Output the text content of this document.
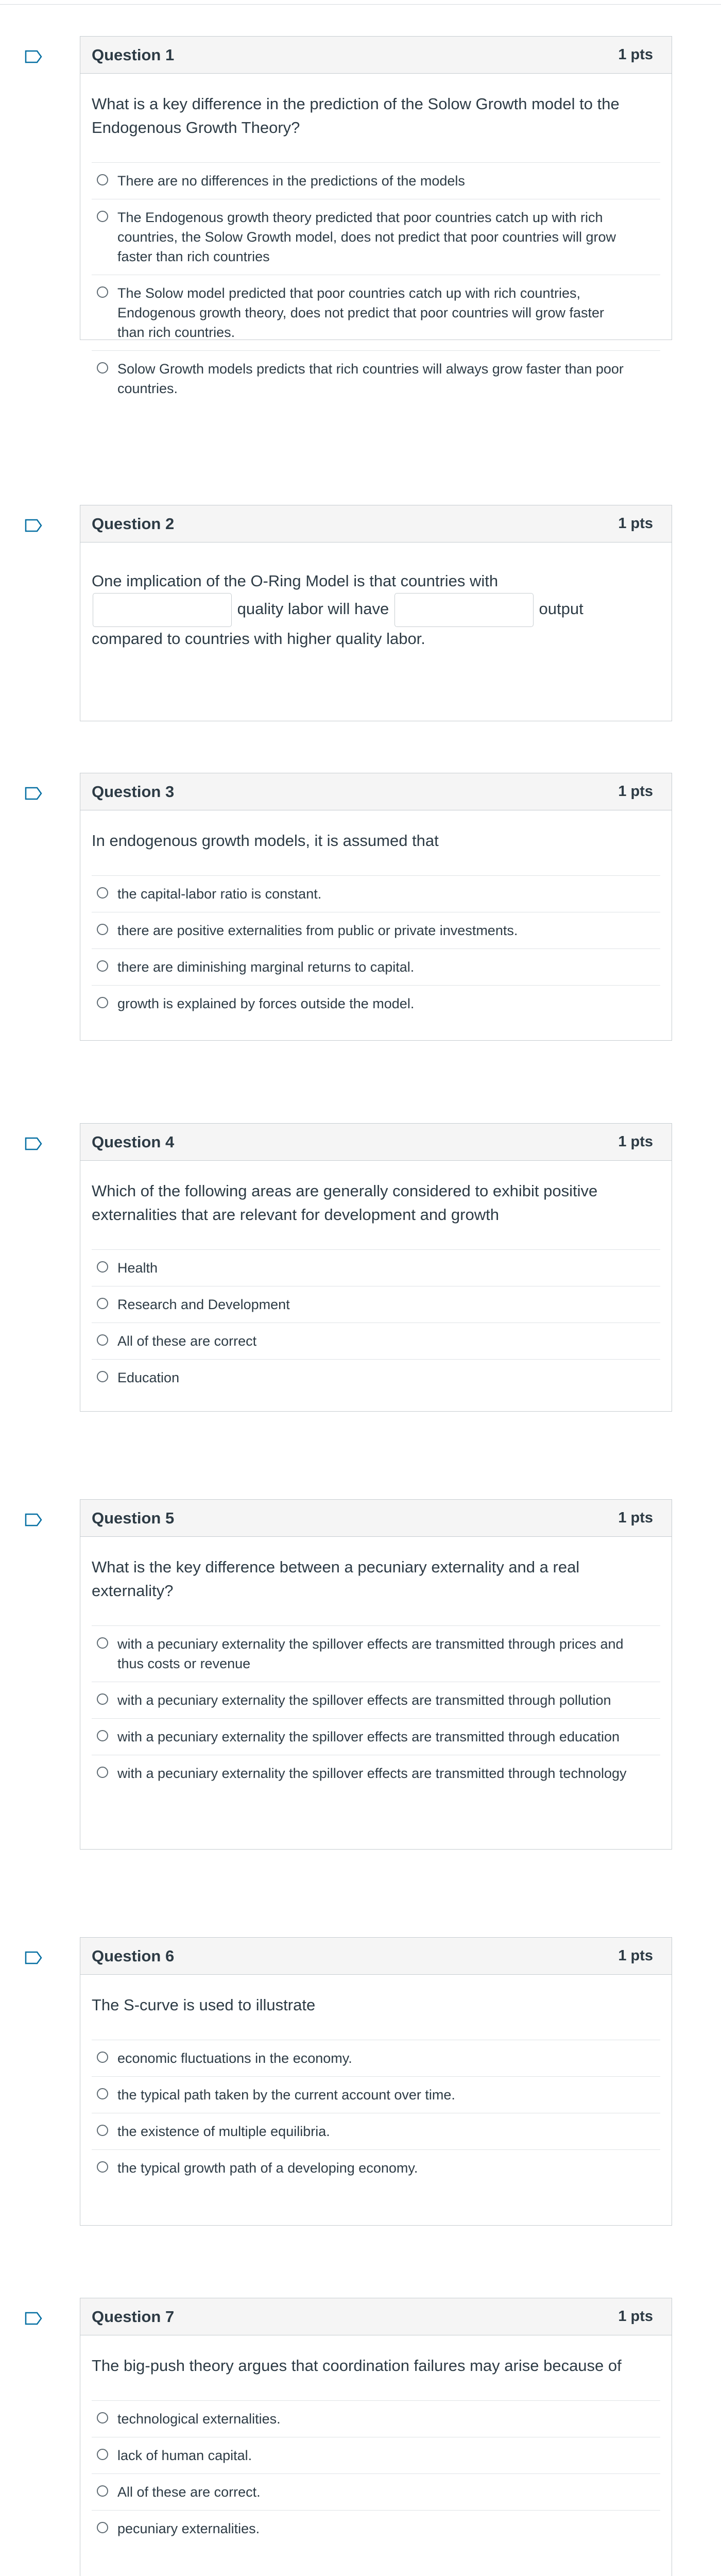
Question 1	1 pts

What is a key difference in the prediction of the Solow Growth model to the Endogenous Growth Theory?

There are no differences in the predictions of the models
The Endogenous growth theory predicted that poor countries catch up with rich countries, the Solow Growth model, does not predict that poor countries will grow faster than rich countries
The Solow model predicted that poor countries catch up with rich countries, Endogenous growth theory, does not predict that poor countries will grow faster than rich countries.
Solow Growth models predicts that rich countries will always grow faster than poor countries.
Question 2	1 pts

One implication of the O-Ring Model is that countries with
quality labor will have	output
compared to countries with higher quality labor.

Question 3	1 pts

In endogenous growth models, it is assumed that

the capital-labor ratio is constant.
there are positive externalities from public or private investments.
there are diminishing marginal returns to capital.
growth is explained by forces outside the model.
Question 4	1 pts

Which of the following areas are generally considered to exhibit positive externalities that are relevant for development and growth

Health
Research and Development
All of these are correct
Education
Question 5	1 pts

What is the key difference between a pecuniary externality and a real externality?

with a pecuniary externality the spillover effects are transmitted through prices and thus costs or revenue
with a pecuniary externality the spillover effects are transmitted through pollution
with a pecuniary externality the spillover effects are transmitted through education
with a pecuniary externality the spillover effects are transmitted through technology
Question 6	1 pts

The S-curve is used to illustrate

economic fluctuations in the economy.
the typical path taken by the current account over time.
the existence of multiple equilibria.
the typical growth path of a developing economy.
Question 7	1 pts

The big-push theory argues that coordination failures may arise because of

technological externalities.
lack of human capital.
All of these are correct.
pecuniary externalities.
